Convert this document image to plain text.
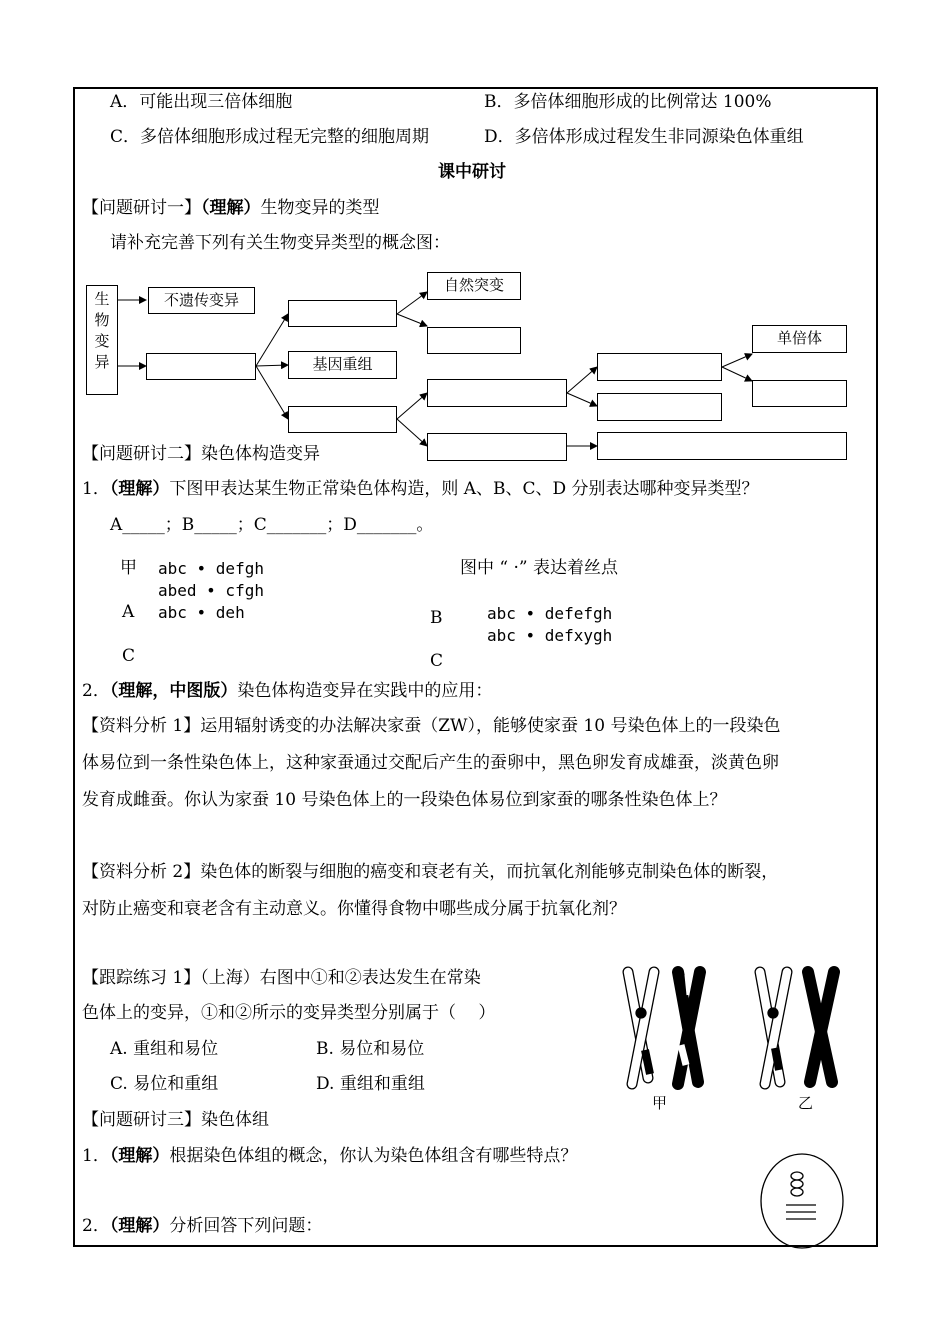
A．可能出现三倍体细胞	B．多倍体细胞形成的比例常达 100%
C．多倍体细胞形成过程无完整的细胞周期	D．多倍体形成过程发生非同源染色体重组
课中研讨
【问题研讨一】（理解）生物变异的类型
请补充完善下列有关生物变异类型的概念图：
生
物
变
异
不遗传变异
基因重组
自然突变
单倍体
【问题研讨二】染色体构造变异
1．（理解）下图甲表达某生物正常染色体构造，则 A、B、C、D 分别表达哪种变异类型？
A_____；B_____；C_______；D_______。
甲 abc • defgh
abed • cfgh
A abc • deh
C
图中 “ ·” 表达着丝点
B	abc • defefgh
abc • defxygh
C
2．（理解，中图版）染色体构造变异在实践中的应用：
【资料分析 1】运用辐射诱变的办法解决家蚕（ZW），能够使家蚕 10 号染色体上的一段染色
体易位到一条性染色体上，这种家蚕通过交配后产生的蚕卵中，黑色卵发育成雄蚕，淡黄色卵
发育成雌蚕。你认为家蚕 10 号染色体上的一段染色体易位到家蚕的哪条性染色体上？
【资料分析 2】染色体的断裂与细胞的癌变和衰老有关，而抗氧化剂能够克制染色体的断裂，
对防止癌变和衰老含有主动意义。你懂得食物中哪些成分属于抗氧化剂？
【跟踪练习 1】（上海）右图中①和②表达发生在常染
色体上的变异，①和②所示的变异类型分别属于（　 ）
A. 重组和易位	B. 易位和易位
C. 易位和重组	D. 重组和重组
甲	乙
【问题研讨三】染色体组
1．（理解）根据染色体组的概念，你认为染色体组含有哪些特点？
2．（理解）分析回答下列问题：
